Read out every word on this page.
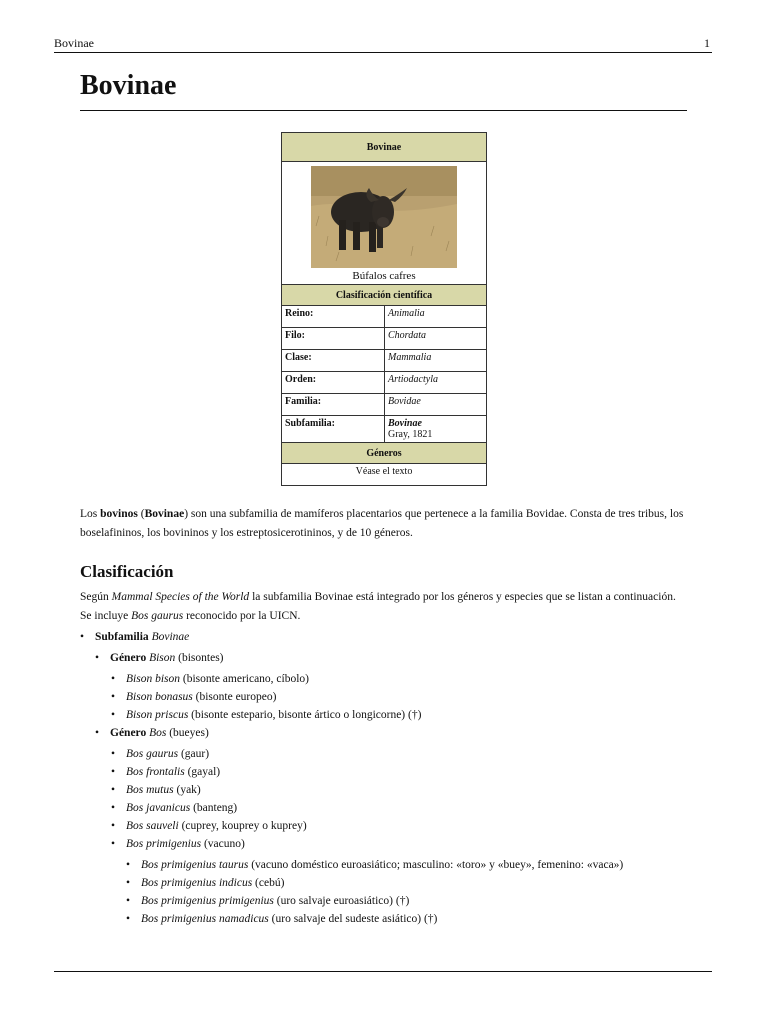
Bovinae	1
Bovinae
Bovinae	

Búfalos cafres	

Clasificación científica	
Reino:	Animalia
Filo:	Chordata
Clase:	Mammalia
Orden:	Artiodactyla
Familia:	Bovidae
Subfamilia:	Bovinae
Gray, 1821
Géneros	
Véase el texto	

Los bovinos (Bovinae) son una subfamilia de mamíferos placentarios que pertenece a la familia Bovidae. Consta de tres tribus, los boselafininos, los bovininos y los estreptosicerotininos, y de 10 géneros.

Clasificación

Según Mammal Species of the World la subfamilia Bovinae está integrado por los géneros y especies que se listan a continuación. Se incluye Bos gaurus reconocido por la UICN.

• Subfamilia Bovinae
• Género Bison (bisontes)
• Bison bison (bisonte americano, cíbolo)
• Bison bonasus (bisonte europeo)
• Bison priscus (bisonte estepario, bisonte ártico o longicorne) (†)
• Género Bos (bueyes)
• Bos gaurus (gaur)
• Bos frontalis (gayal)
• Bos mutus (yak)
• Bos javanicus (banteng)
• Bos sauveli (cuprey, kouprey o kuprey)
• Bos primigenius (vacuno)
• Bos primigenius taurus (vacuno doméstico euroasiático; masculino: «toro» y «buey», femenino: «vaca»)
• Bos primigenius indicus (cebú)
• Bos primigenius primigenius (uro salvaje euroasiático) (†)
• Bos primigenius namadicus (uro salvaje del sudeste asiático) (†)
